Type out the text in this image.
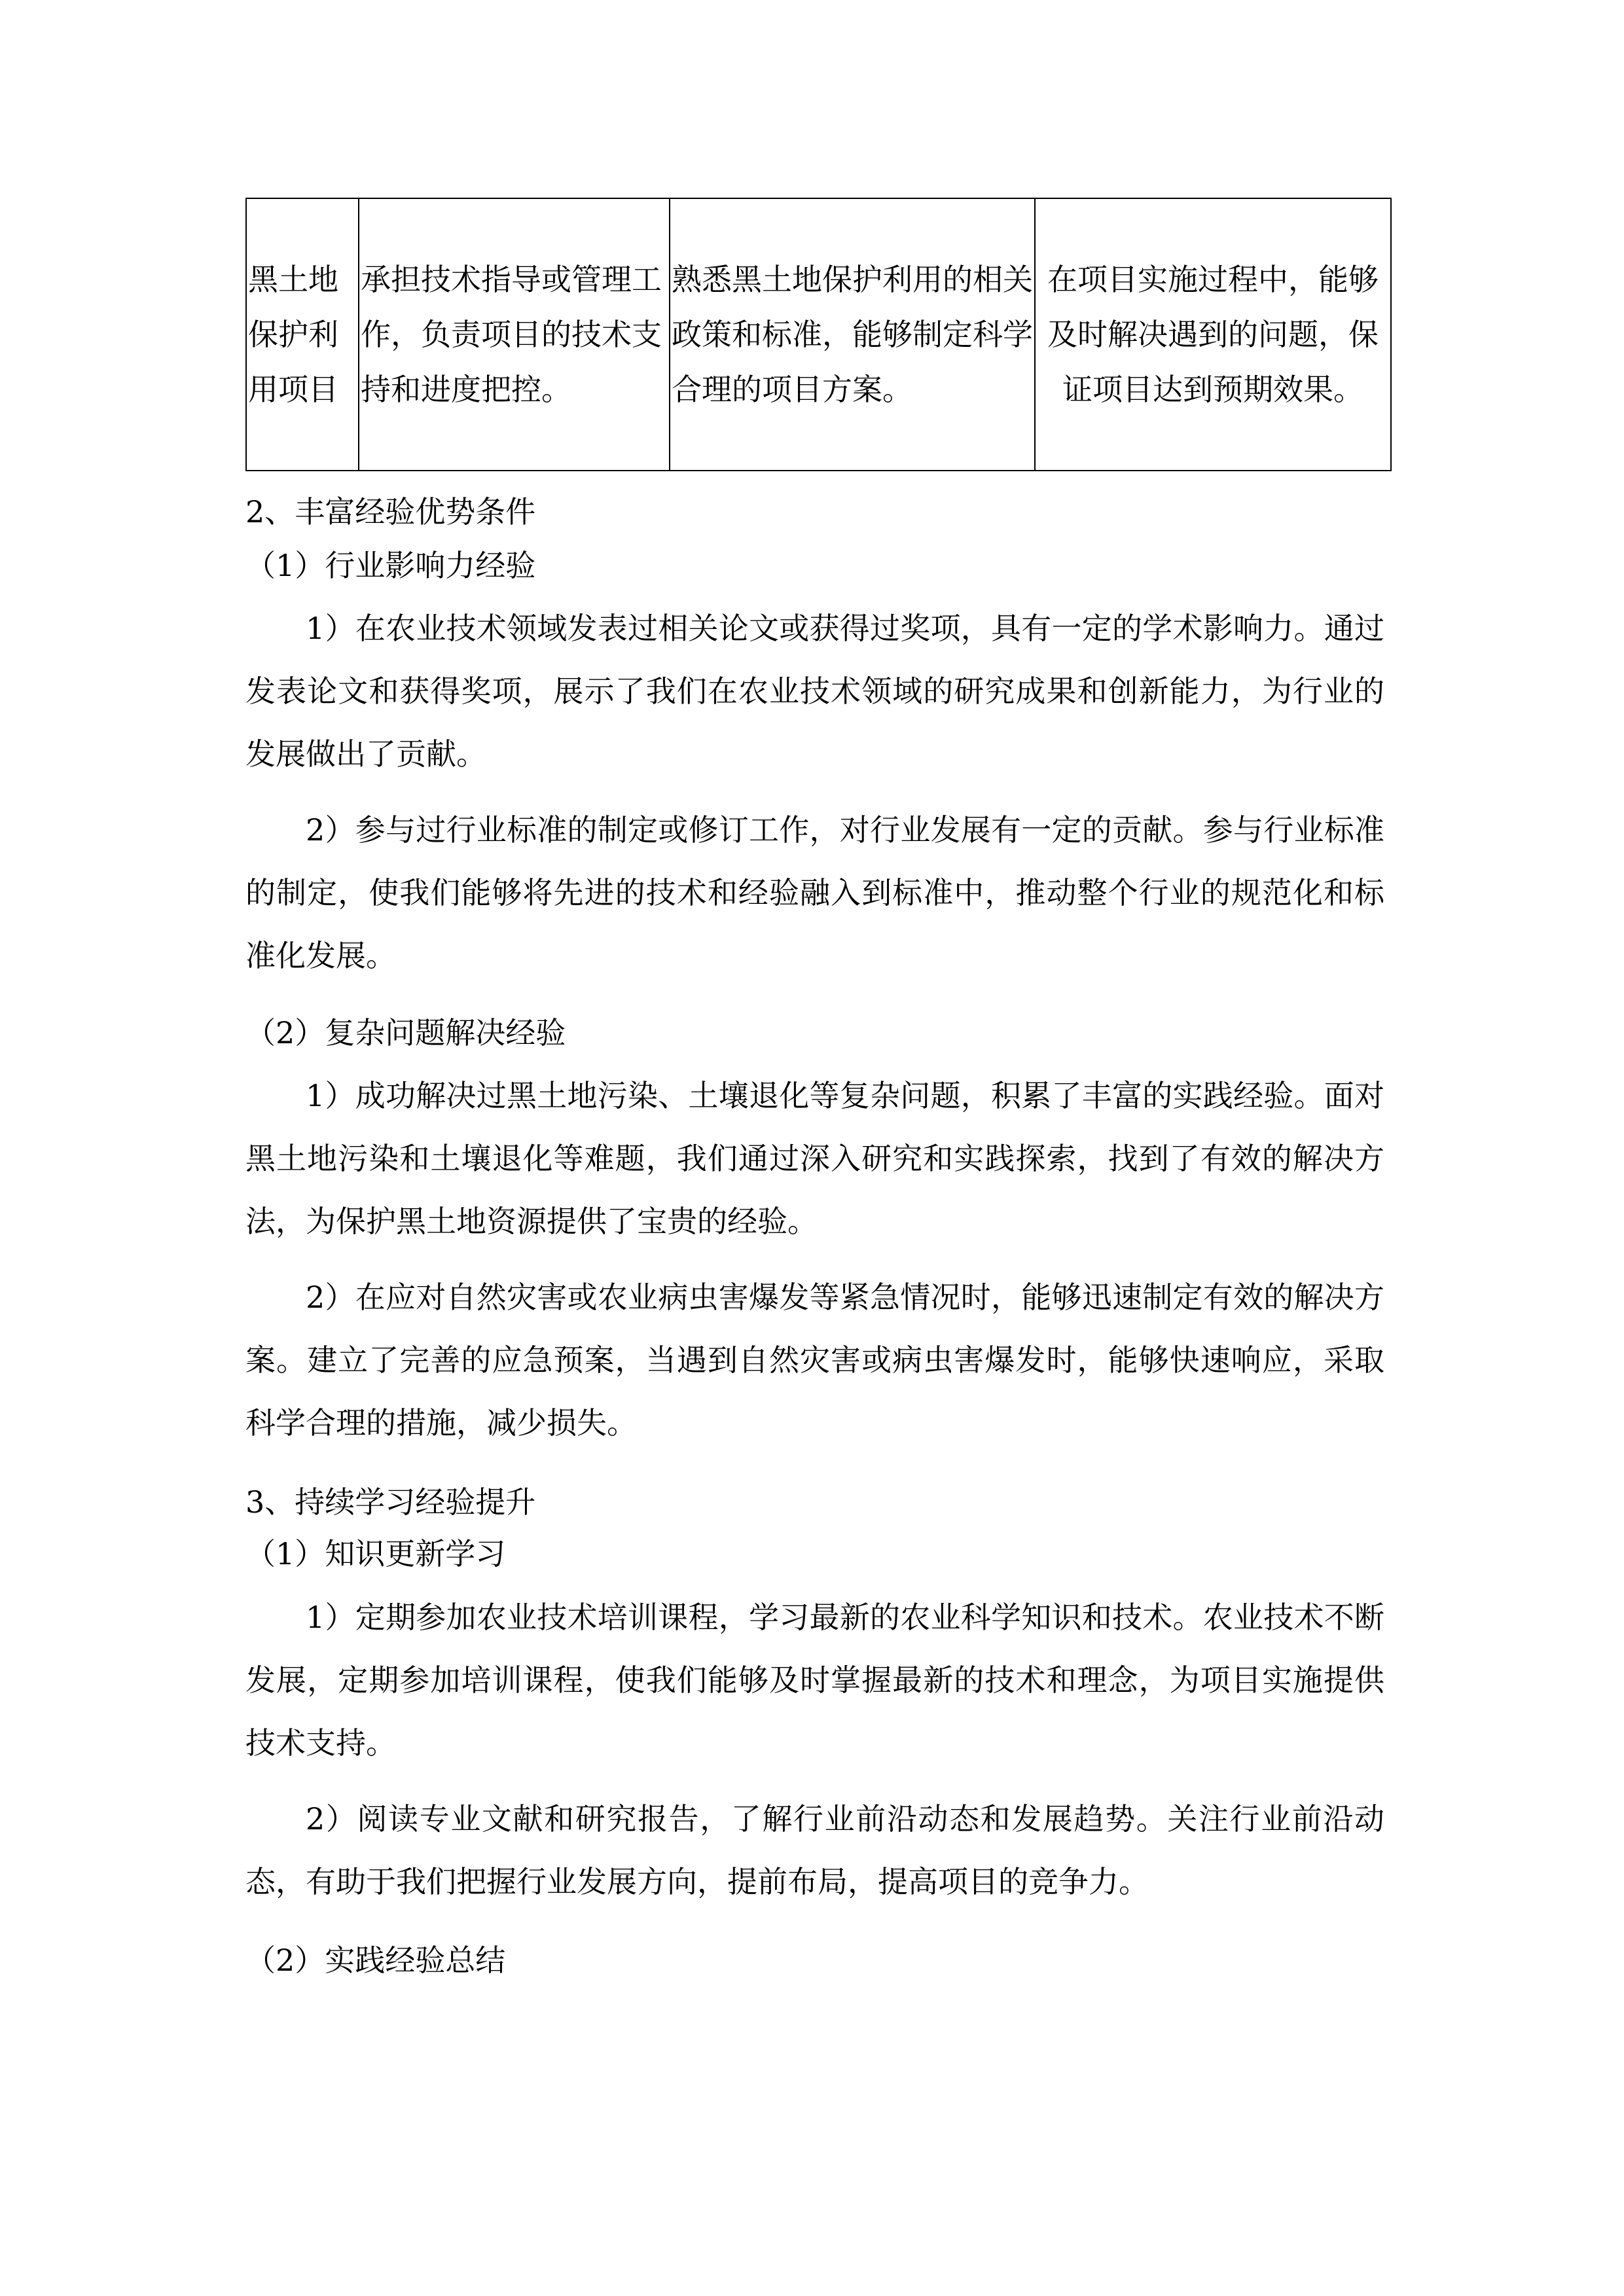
黑土地保护利用项目	承担技术指导或管理工作，负责项目的技术支持和进度把控。	熟悉黑土地保护利用的相关政策和标准，能够制定科学合理的项目方案。	在项目实施过程中，能够及时解决遇到的问题，保证项目达到预期效果。
2、丰富经验优势条件
（1）行业影响力经验
1）在农业技术领域发表过相关论文或获得过奖项，具有一定的学术影响力。通过发表论文和获得奖项，展示了我们在农业技术领域的研究成果和创新能力，为行业的发展做出了贡献。
2）参与过行业标准的制定或修订工作，对行业发展有一定的贡献。参与行业标准的制定，使我们能够将先进的技术和经验融入到标准中，推动整个行业的规范化和标准化发展。
（2）复杂问题解决经验
1）成功解决过黑土地污染、土壤退化等复杂问题，积累了丰富的实践经验。面对黑土地污染和土壤退化等难题，我们通过深入研究和实践探索，找到了有效的解决方法，为保护黑土地资源提供了宝贵的经验。
2）在应对自然灾害或农业病虫害爆发等紧急情况时，能够迅速制定有效的解决方案。建立了完善的应急预案，当遇到自然灾害或病虫害爆发时，能够快速响应，采取科学合理的措施，减少损失。
3、持续学习经验提升
（1）知识更新学习
1）定期参加农业技术培训课程，学习最新的农业科学知识和技术。农业技术不断发展，定期参加培训课程，使我们能够及时掌握最新的技术和理念，为项目实施提供技术支持。
2）阅读专业文献和研究报告，了解行业前沿动态和发展趋势。关注行业前沿动态，有助于我们把握行业发展方向，提前布局，提高项目的竞争力。
（2）实践经验总结
